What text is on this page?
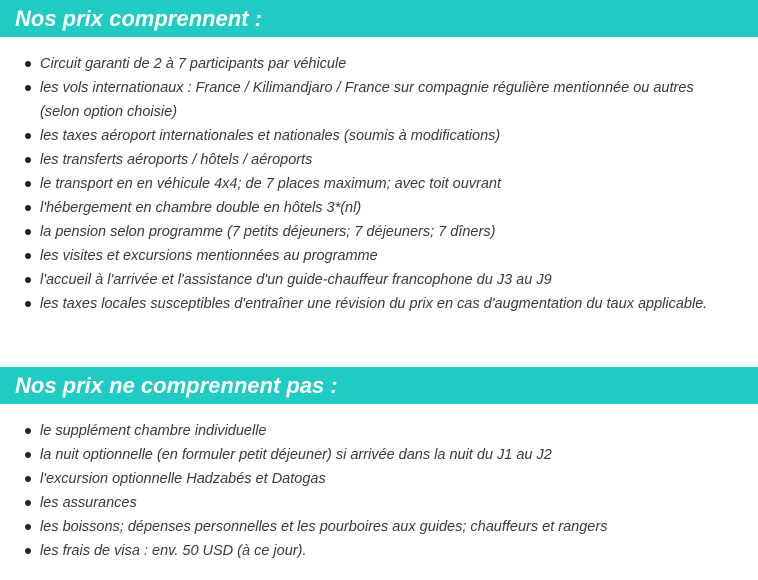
Nos prix comprennent :
Circuit garanti de 2 à 7 participants par véhicule
les vols internationaux : France / Kilimandjaro / France sur compagnie régulière mentionnée ou autres (selon option choisie)
les taxes aéroport internationales et nationales (soumis à modifications)
les transferts aéroports / hôtels / aéroports
le transport en en véhicule 4x4; de 7 places maximum; avec toit ouvrant
l'hébergement en chambre double en hôtels 3*(nl)
la pension selon programme (7 petits déjeuners; 7 déjeuners; 7 dîners)
les visites et excursions mentionnées au programme
l'accueil à l'arrivée et l'assistance d'un guide-chauffeur francophone du J3 au J9
les taxes locales susceptibles d'entraîner une révision du prix en cas d'augmentation du taux applicable.
Nos prix ne comprennent pas :
le supplément chambre individuelle
la nuit optionnelle (en formuler petit déjeuner) si arrivée dans la nuit du J1 au J2
l'excursion optionnelle Hadzabés et Datogas
les assurances
les boissons; dépenses personnelles et les pourboires aux guides; chauffeurs et rangers
les frais de visa : env. 50 USD (à ce jour).
